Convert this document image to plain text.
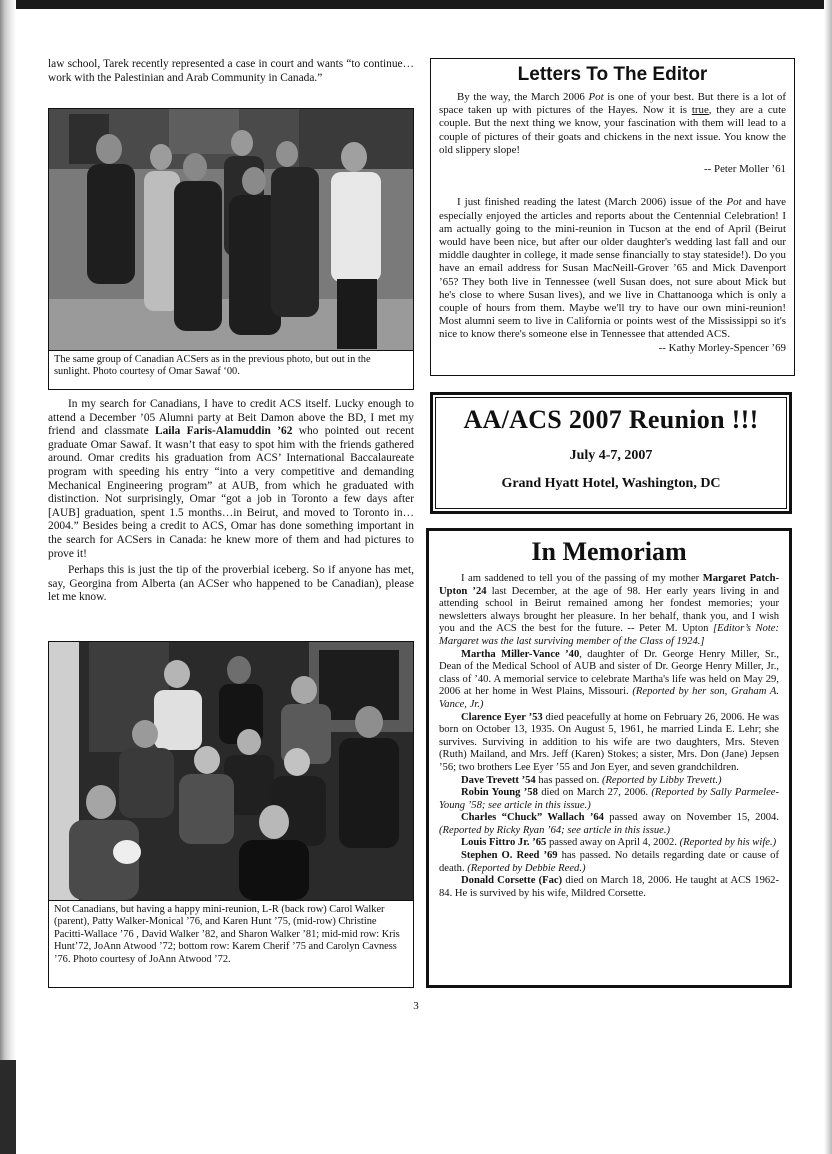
law school, Tarek recently represented a case in court and wants “to continue…work with the Palestinian and Arab Community in Canada.”

The same group of Canadian ACSers as in the previous photo, but out in the sunlight. Photo courtesy of Omar Sawaf ‘00.

In my search for Canadians, I have to credit ACS itself. Lucky enough to attend a December ’05 Alumni party at Beit Damon above the BD, I met my friend and classmate Laila Faris-Alamuddin ’62 who pointed out recent graduate Omar Sawaf. It wasn’t that easy to spot him with the friends gathered around. Omar credits his graduation from ACS’ International Baccalaureate program with speeding his entry “into a very competitive and demanding Mechanical Engineering program” at AUB, from which he graduated with distinction. Not surprisingly, Omar “got a job in Toronto a few days after [AUB] graduation, spent 1.5 months…in Beirut, and moved to Toronto in…2004.” Besides being a credit to ACS, Omar has done something important in the search for ACSers in Canada: he knew more of them and had pictures to prove it!

Perhaps this is just the tip of the proverbial iceberg. So if anyone has met, say, Georgina from Alberta (an ACSer who happened to be Canadian), please let me know.

Not Canadians, but having a happy mini-reunion, L-R (back row) Carol Walker (parent), Patty Walker-Monical ’76, and Karen Hunt ’75, (mid-row) Christine Pacitti-Wallace ’76 , David Walker ’82, and Sharon Walker ’81; mid-mid row: Kris Hunt’72, JoAnn Atwood ’72; bottom row: Karem Cherif ’75 and Carolyn Cavness ’76. Photo courtesy of JoAnn Atwood ’72.
Letters To The Editor

By the way, the March 2006 Pot is one of your best. But there is a lot of space taken up with pictures of the Hayes. Now it is true, they are a cute couple. But the next thing we know, your fascination with them will lead to a couple of pictures of their goats and chickens in the next issue. You know the old slippery slope!

-- Peter Moller ’61

I just finished reading the latest (March 2006) issue of the Pot and have especially enjoyed the articles and reports about the Centennial Celebration! I am actually going to the mini-reunion in Tucson at the end of April (Beirut would have been nice, but after our older daughter's wedding last fall and our middle daughter in college, it made sense financially to stay stateside!). Do you have an email address for Susan MacNeill-Grover ’65 and Mick Davenport ’65? They both live in Tennessee (well Susan does, not sure about Mick but he's close to where Susan lives), and we live in Chattanooga which is only a couple of hours from them. Maybe we'll try to have our own mini-reunion! Most alumni seem to live in California or points west of the Mississippi so it's nice to know there's someone else in Tennessee that attended ACS.

-- Kathy Morley-Spencer ’69
AA/ACS 2007 Reunion !!!
July 4-7, 2007
Grand Hyatt Hotel, Washington, DC
In Memoriam

I am saddened to tell you of the passing of my mother Margaret Patch-Upton ’24 last December, at the age of 98. Her early years living in and attending school in Beirut remained among her fondest memories; your newsletters always brought her pleasure. In her behalf, thank you, and I wish you and the ACS the best for the future. -- Peter M. Upton [Editor’s Note: Margaret was the last surviving member of the Class of 1924.]

Martha Miller-Vance ’40, daughter of Dr. George Henry Miller, Sr., Dean of the Medical School of AUB and sister of Dr. George Henry Miller, Jr., class of ’40. A memorial service to celebrate Martha's life was held on May 29, 2006 at her home in West Plains, Missouri. (Reported by her son, Graham A. Vance, Jr.)

Clarence Eyer ’53 died peacefully at home on February 26, 2006. He was born on October 13, 1935. On August 5, 1961, he married Linda E. Lehr; she survives. Surviving in addition to his wife are two daughters, Mrs. Steven (Ruth) Mailand, and Mrs. Jeff (Karen) Stokes; a sister, Mrs. Don (Jane) Jepsen ’56; two brothers Lee Eyer ’55 and Jon Eyer, and seven grandchildren.

Dave Trevett ’54 has passed on. (Reported by Libby Trevett.)

Robin Young ’58 died on March 27, 2006. (Reported by Sally Parmelee-Young ’58; see article in this issue.)

Charles “Chuck” Wallach ’64 passed away on November 15, 2004. (Reported by Ricky Ryan ’64; see article in this issue.)

Louis Fittro Jr. ’65 passed away on April 4, 2002. (Reported by his wife.)

Stephen O. Reed ’69 has passed. No details regarding date or cause of death. (Reported by Debbie Reed.)

Donald Corsette (Fac) died on March 18, 2006. He taught at ACS 1962-84. He is survived by his wife, Mildred Corsette.

3
